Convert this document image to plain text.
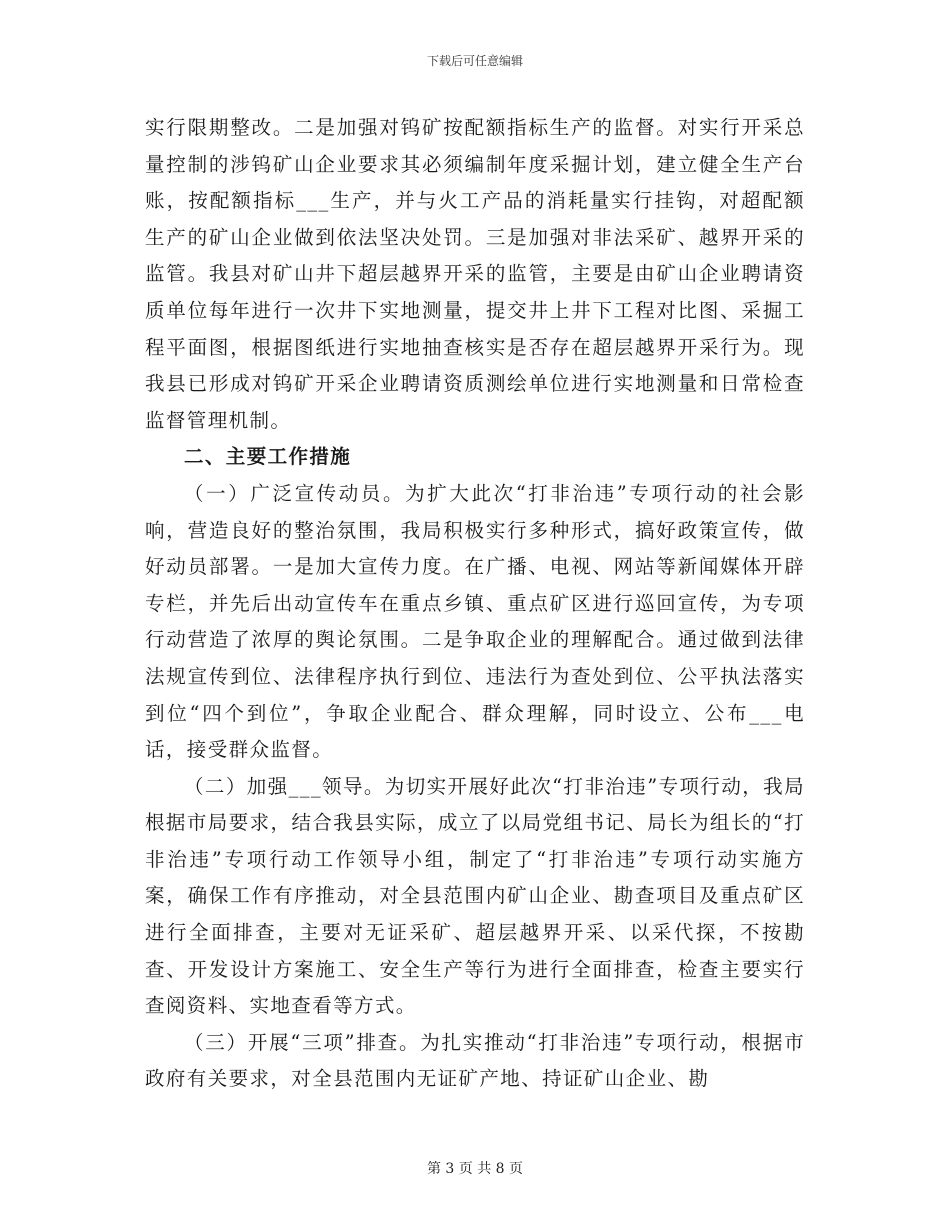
下载后可任意编辑

实行限期整改。二是加强对钨矿按配额指标生产的监督。对实行开采总量控制的涉钨矿山企业要求其必须编制年度采掘计划，建立健全生产台账，按配额指标___生产，并与火工产品的消耗量实行挂钩，对超配额生产的矿山企业做到依法坚决处罚。三是加强对非法采矿、越界开采的监管。我县对矿山井下超层越界开采的监管，主要是由矿山企业聘请资质单位每年进行一次井下实地测量，提交井上井下工程对比图、采掘工程平面图，根据图纸进行实地抽查核实是否存在超层越界开采行为。现我县已形成对钨矿开采企业聘请资质测绘单位进行实地测量和日常检查监督管理机制。

二、主要工作措施

（一）广泛宣传动员。为扩大此次“打非治违”专项行动的社会影响，营造良好的整治氛围，我局积极实行多种形式，搞好政策宣传，做好动员部署。一是加大宣传力度。在广播、电视、网站等新闻媒体开辟专栏，并先后出动宣传车在重点乡镇、重点矿区进行巡回宣传，为专项行动营造了浓厚的舆论氛围。二是争取企业的理解配合。通过做到法律法规宣传到位、法律程序执行到位、违法行为查处到位、公平执法落实到位“四个到位”，争取企业配合、群众理解，同时设立、公布___电话，接受群众监督。

（二）加强___领导。为切实开展好此次“打非治违”专项行动，我局根据市局要求，结合我县实际，成立了以局党组书记、局长为组长的“打非治违”专项行动工作领导小组，制定了“打非治违”专项行动实施方案，确保工作有序推动，对全县范围内矿山企业、勘查项目及重点矿区进行全面排查，主要对无证采矿、超层越界开采、以采代探，不按勘查、开发设计方案施工、安全生产等行为进行全面排查，检查主要实行查阅资料、实地查看等方式。

（三）开展“三项”排查。为扎实推动“打非治违”专项行动，根据市政府有关要求，对全县范围内无证矿产地、持证矿山企业、勘

第 3 页 共 8 页
